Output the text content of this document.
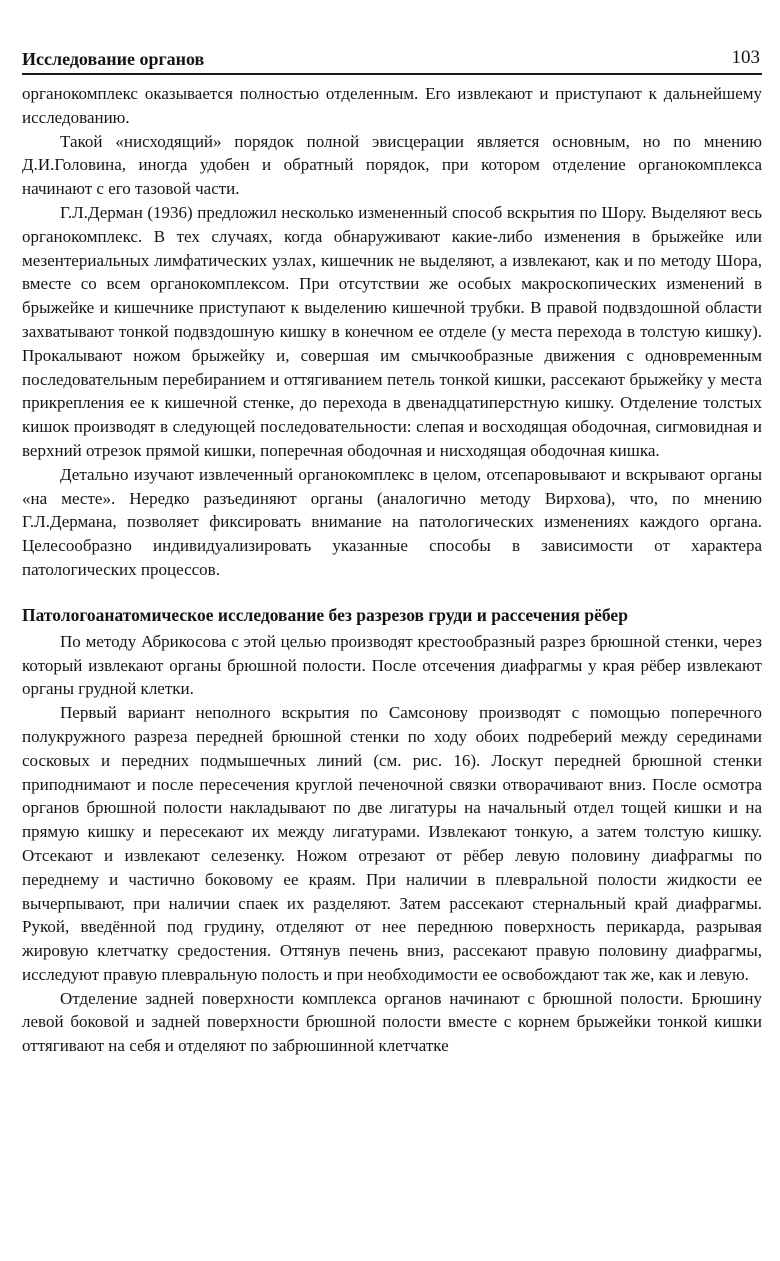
Исследование органов	103

органокомплекс оказывается полностью отделенным. Его извлекают и приступают к дальнейшему исследованию.

Такой «нисходящий» порядок полной эвисцерации является основным, но по мнению Д.И.Головина, иногда удобен и обратный порядок, при котором отделение органокомплекса начинают с его тазовой части.

Г.Л.Дерман (1936) предложил несколько измененный способ вскрытия по Шору. Выделяют весь органокомплекс. В тех случаях, когда обнаруживают какие-либо изменения в брыжейке или мезентериальных лимфатических узлах, кишечник не выделяют, а извлекают, как и по методу Шора, вместе со всем органокомплексом. При отсутствии же особых макроскопических изменений в брыжейке и кишечнике приступают к выделению кишечной трубки. В правой подвздошной области захватывают тонкой подвздошную кишку в конечном ее отделе (у места перехода в толстую кишку). Прокалывают ножом брыжейку и, совершая им смычкообразные движения с одновременным последовательным перебиранием и оттягиванием петель тонкой кишки, рассекают брыжейку у места прикрепления ее к кишечной стенке, до перехода в двенадцатиперстную кишку. Отделение толстых кишок производят в следующей последовательности: слепая и восходящая ободочная, сигмовидная и верхний отрезок прямой кишки, поперечная ободочная и нисходящая ободочная кишка.

Детально изучают извлеченный органокомплекс в целом, отсепаровывают и вскрывают органы «на месте». Нередко разъединяют органы (аналогично методу Вирхова), что, по мнению Г.Л.Дермана, позволяет фиксировать внимание на патологических изменениях каждого органа. Целесообразно индивидуализировать указанные способы в зависимости от характера патологических процессов.

Патологоанатомическое исследование без разрезов груди и рассечения рёбер

По методу Абрикосова с этой целью производят крестообразный разрез брюшной стенки, через который извлекают органы брюшной полости. После отсечения диафрагмы у края рёбер извлекают органы грудной клетки.

Первый вариант неполного вскрытия по Самсонову производят с помощью поперечного полукружного разреза передней брюшной стенки по ходу обоих подреберий между серединами сосковых и передних подмышечных линий (см. рис. 16). Лоскут передней брюшной стенки приподнимают и после пересечения круглой печеночной связки отворачивают вниз. После осмотра органов брюшной полости накладывают по две лигатуры на начальный отдел тощей кишки и на прямую кишку и пересекают их между лигатурами. Извлекают тонкую, а затем толстую кишку. Отсекают и извлекают селезенку. Ножом отрезают от рёбер левую половину диафрагмы по переднему и частично боковому ее краям. При наличии в плевральной полости жидкости ее вычерпывают, при наличии спаек их разделяют. Затем рассекают стернальный край диафрагмы. Рукой, введённой под грудину, отделяют от нее переднюю поверхность перикарда, разрывая жировую клетчатку средостения. Оттянув печень вниз, рассекают правую половину диафрагмы, исследуют правую плевральную полость и при необходимости ее освобождают так же, как и левую.

Отделение задней поверхности комплекса органов начинают с брюшной полости. Брюшину левой боковой и задней поверхности брюшной полости вместе с корнем брыжейки тонкой кишки оттягивают на себя и отделяют по забрюшинной клетчатке
